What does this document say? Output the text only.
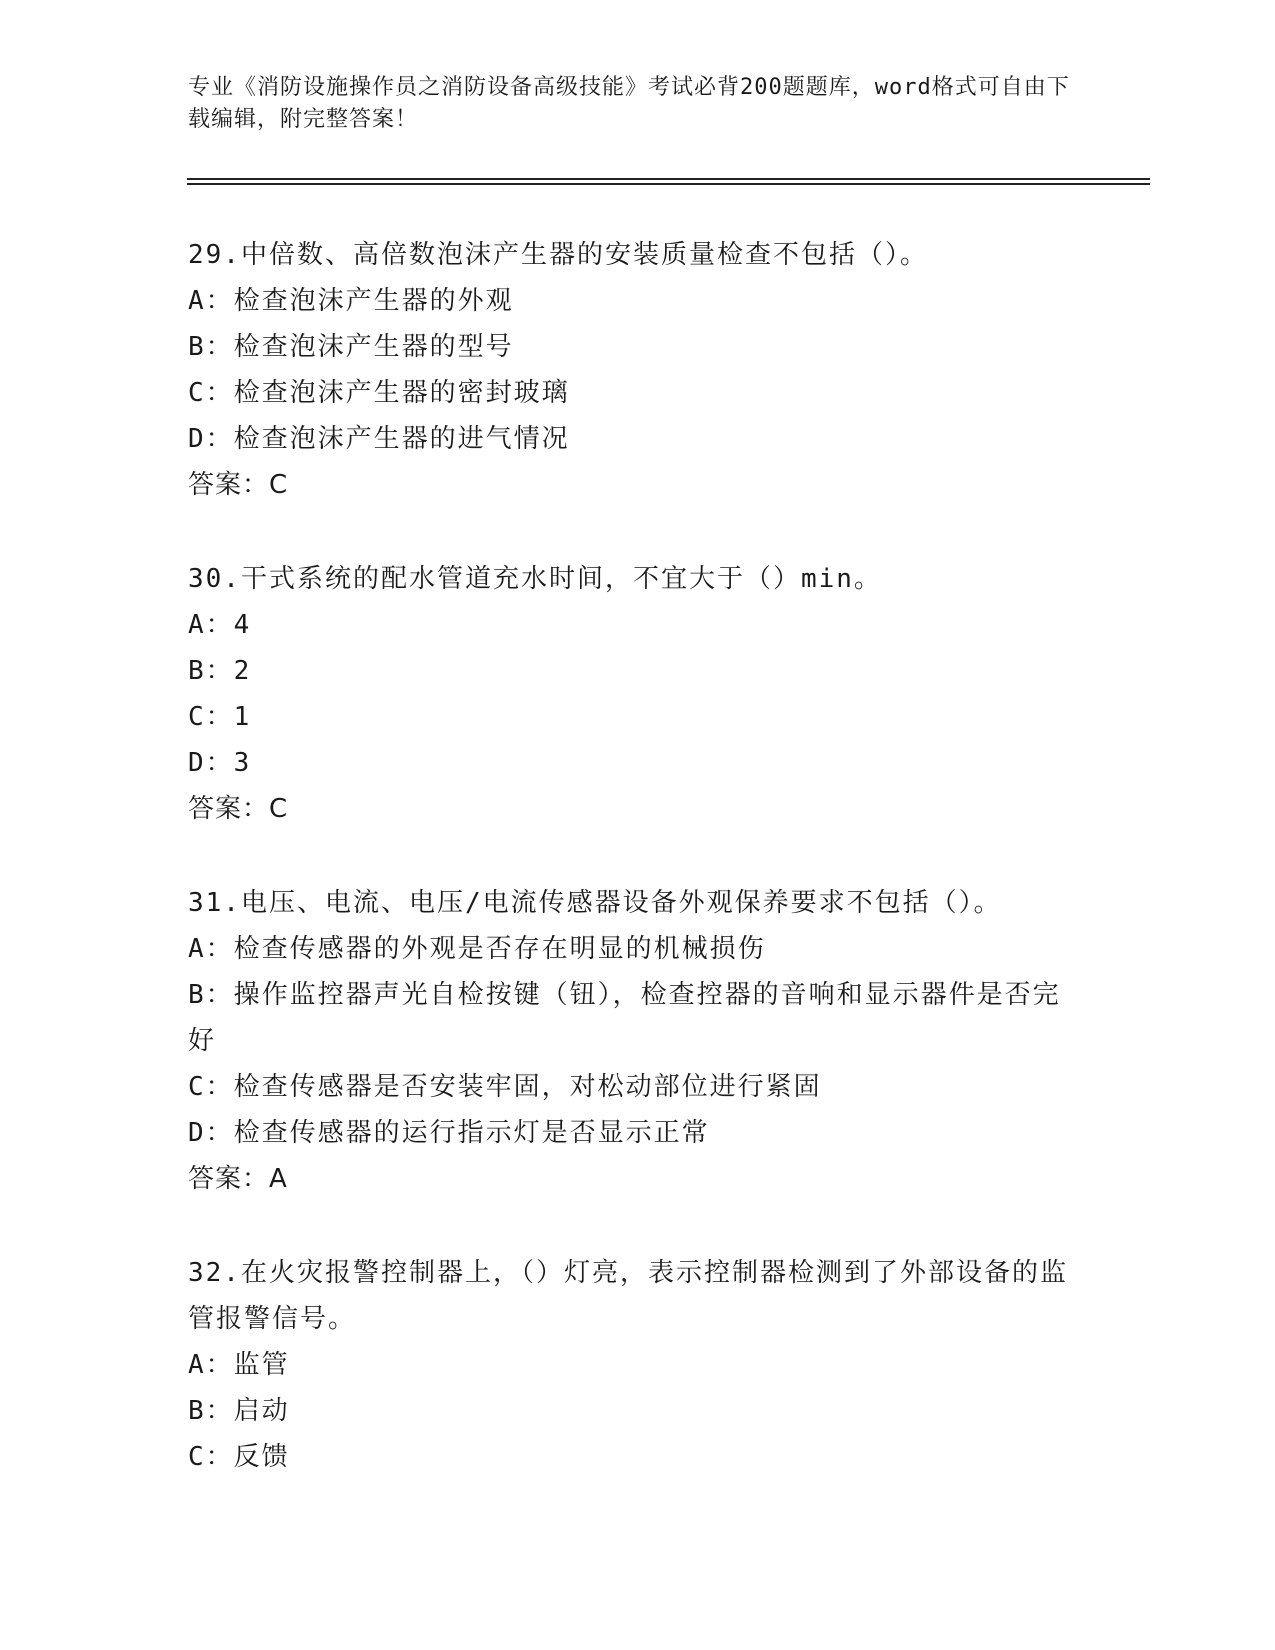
专业《消防设施操作员之消防设备高级技能》考试必背200题题库，word格式可自由下载编辑，附完整答案！
29.中倍数、高倍数泡沫产生器的安装质量检查不包括（）。
A：检查泡沫产生器的外观
B：检查泡沫产生器的型号
C：检查泡沫产生器的密封玻璃
D：检查泡沫产生器的进气情况
答案：C
30.干式系统的配水管道充水时间，不宜大于（）min。
A：4
B：2
C：1
D：3
答案：C
31.电压、电流、电压/电流传感器设备外观保养要求不包括（）。
A：检查传感器的外观是否存在明显的机械损伤
B：操作监控器声光自检按键（钮），检查控器的音响和显示器件是否完好
C：检查传感器是否安装牢固，对松动部位进行紧固
D：检查传感器的运行指示灯是否显示正常
答案：A
32.在火灾报警控制器上，（）灯亮，表示控制器检测到了外部设备的监管报警信号。
A：监管
B：启动
C：反馈
